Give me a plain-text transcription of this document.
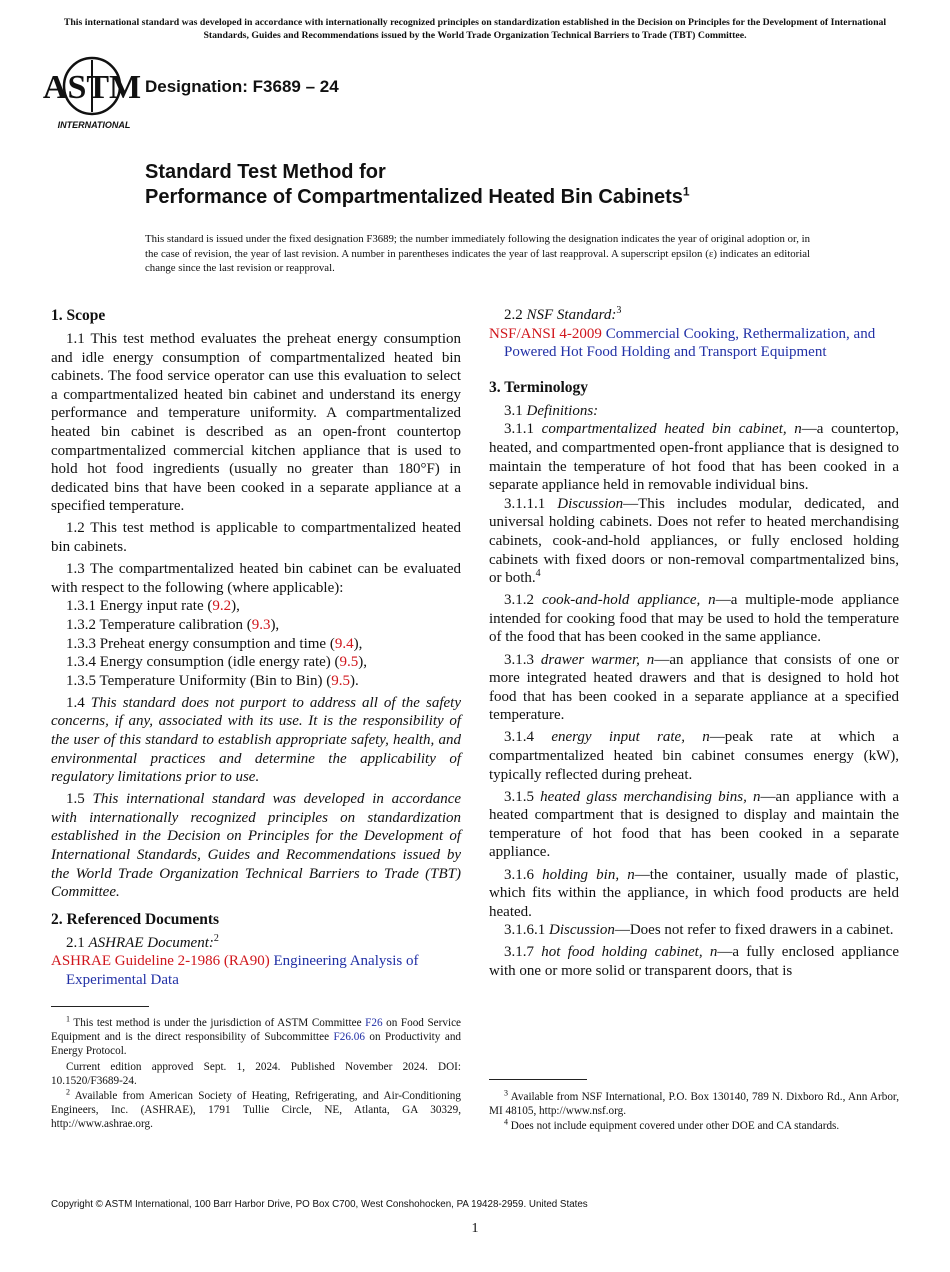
This international standard was developed in accordance with internationally recognized principles on standardization established in the Decision on Principles for the Development of International Standards, Guides and Recommendations issued by the World Trade Organization Technical Barriers to Trade (TBT) Committee.
ASTM
INTERNATIONAL
Designation: F3689 – 24
Standard Test Method for
Performance of Compartmentalized Heated Bin Cabinets$^1$
This standard is issued under the fixed designation F3689; the number immediately following the designation indicates the year of original adoption or, in the case of revision, the year of last revision. A number in parentheses indicates the year of last reapproval. A superscript epsilon (ε) indicates an editorial change since the last revision or reapproval.
1. Scope

1.1 This test method evaluates the preheat energy consumption and idle energy consumption of compartmentalized heated bin cabinets. The food service operator can use this evaluation to select a compartmentalized heated bin cabinet and understand its energy performance and temperature uniformity. A compartmentalized heated bin cabinet is described as an open-front countertop compartmentalized commercial kitchen appliance that is used to hold hot food ingredients (usually no greater than 180°F) in dedicated bins that have been cooked in a separate appliance at a specified temperature.

1.2 This test method is applicable to compartmentalized heated bin cabinets.

1.3 The compartmentalized heated bin cabinet can be evaluated with respect to the following (where applicable):

1.3.1 Energy input rate (9.2),

1.3.2 Temperature calibration (9.3),

1.3.3 Preheat energy consumption and time (9.4),

1.3.4 Energy consumption (idle energy rate) (9.5),

1.3.5 Temperature Uniformity (Bin to Bin) (9.5).

1.4 This standard does not purport to address all of the safety concerns, if any, associated with its use. It is the responsibility of the user of this standard to establish appropriate safety, health, and environmental practices and determine the applicability of regulatory limitations prior to use.

1.5 This international standard was developed in accordance with internationally recognized principles on standardization established in the Decision on Principles for the Development of International Standards, Guides and Recommendations issued by the World Trade Organization Technical Barriers to Trade (TBT) Committee.

2. Referenced Documents

2.1 ASHRAE Document:$^2$

ASHRAE Guideline 2-1986 (RA90) Engineering Analysis of Experimental Data

$^1$ This test method is under the jurisdiction of ASTM Committee F26 on Food Service Equipment and is the direct responsibility of Subcommittee F26.06 on Productivity and Energy Protocol.

Current edition approved Sept. 1, 2024. Published November 2024. DOI: 10.1520/F3689-24.

$^2$ Available from American Society of Heating, Refrigerating, and Air-Conditioning Engineers, Inc. (ASHRAE), 1791 Tullie Circle, NE, Atlanta, GA 30329, http://www.ashrae.org.

2.2 NSF Standard:$^3$

NSF/ANSI 4-2009 Commercial Cooking, Rethermalization, and Powered Hot Food Holding and Transport Equipment

3. Terminology

3.1 Definitions:

3.1.1 compartmentalized heated bin cabinet, n—a countertop, heated, and compartmented open-front appliance that is designed to maintain the temperature of hot food that has been cooked in a separate appliance held in removable individual bins.

3.1.1.1 Discussion—This includes modular, dedicated, and universal holding cabinets. Does not refer to heated merchandising cabinets, cook-and-hold appliances, or fully enclosed holding cabinets with fixed doors or non-removal compartmentalized bins, or both.$^4$

3.1.2 cook-and-hold appliance, n—a multiple-mode appliance intended for cooking food that may be used to hold the temperature of the food that has been cooked in the same appliance.

3.1.3 drawer warmer, n—an appliance that consists of one or more integrated heated drawers and that is designed to hold hot food that has been cooked in a separate appliance at a specified temperature.

3.1.4 energy input rate, n—peak rate at which a compartmentalized heated bin cabinet consumes energy (kW), typically reflected during preheat.

3.1.5 heated glass merchandising bins, n—an appliance with a heated compartment that is designed to display and maintain the temperature of hot food that has been cooked in a separate appliance.

3.1.6 holding bin, n—the container, usually made of plastic, which fits within the appliance, in which food products are held heated.

3.1.6.1 Discussion—Does not refer to fixed drawers in a cabinet.

3.1.7 hot food holding cabinet, n—a fully enclosed appliance with one or more solid or transparent doors, that is

$^3$ Available from NSF International, P.O. Box 130140, 789 N. Dixboro Rd., Ann Arbor, MI 48105, http://www.nsf.org.

$^4$ Does not include equipment covered under other DOE and CA standards.

Copyright © ASTM International, 100 Barr Harbor Drive, PO Box C700, West Conshohocken, PA 19428-2959. United States
1
